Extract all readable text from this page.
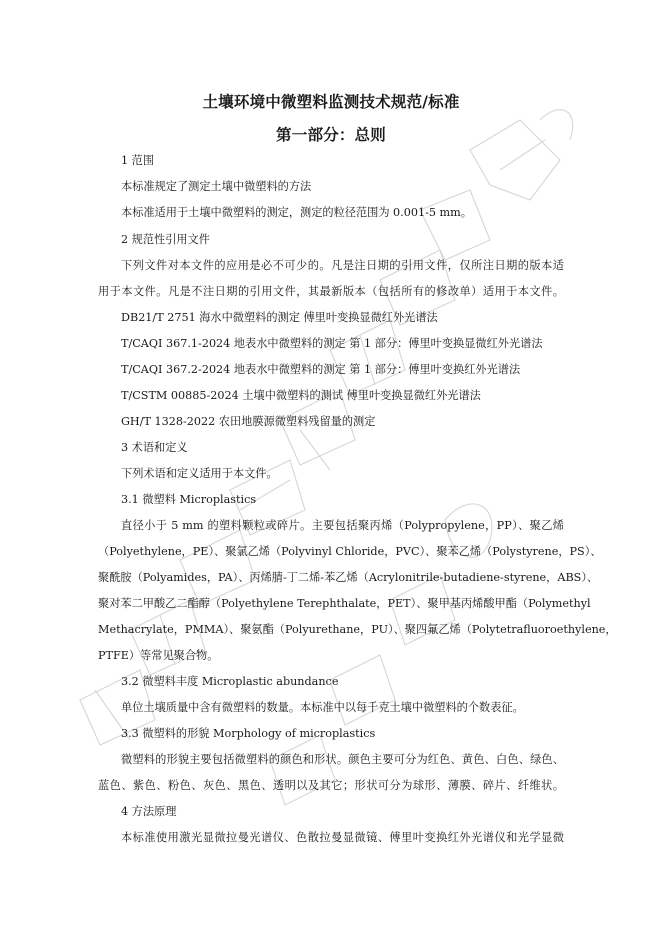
土壤环境中微塑料监测技术规范/标准
第一部分：总则
1 范围
本标准规定了测定土壤中微塑料的方法
本标准适用于土壤中微塑料的测定，测定的粒径范围为 0.001-5 mm。
2 规范性引用文件
下列文件对本文件的应用是必不可少的。凡是注日期的引用文件，仅所注日期的版本适
用于本文件。凡是不注日期的引用文件，其最新版本（包括所有的修改单）适用于本文件。
DB21/T 2751 海水中微塑料的测定 傅里叶变换显微红外光谱法
T/CAQI 367.1-2024 地表水中微塑料的测定 第 1 部分：傅里叶变换显微红外光谱法
T/CAQI 367.2-2024 地表水中微塑料的测定 第 1 部分：傅里叶变换红外光谱法
T/CSTM 00885-2024 土壤中微塑料的测试 傅里叶变换显微红外光谱法
GH/T 1328-2022 农田地膜源微塑料残留量的测定
3 术语和定义
下列术语和定义适用于本文件。
3.1 微塑料 Microplastics
直径小于 5 mm 的塑料颗粒或碎片。主要包括聚丙烯（Polypropylene，PP）、聚乙烯
（Polyethylene，PE）、聚氯乙烯（Polyvinyl Chloride，PVC）、聚苯乙烯（Polystyrene，PS）、
聚酰胺（Polyamides，PA）、丙烯腈-丁二烯-苯乙烯（Acrylonitrile-butadiene-styrene，ABS）、
聚对苯二甲酸乙二酯醇（Polyethylene Terephthalate，PET）、聚甲基丙烯酸甲酯（Polymethyl
Methacrylate，PMMA）、聚氨酯（Polyurethane，PU）、聚四氟乙烯（Polytetrafluoroethylene，
PTFE）等常见聚合物。
3.2 微塑料丰度 Microplastic abundance
单位土壤质量中含有微塑料的数量。本标准中以每千克土壤中微塑料的个数表征。
3.3 微塑料的形貌 Morphology of microplastics
微塑料的形貌主要包括微塑料的颜色和形状。颜色主要可分为红色、黄色、白色、绿色、
蓝色、紫色、粉色、灰色、黑色、透明以及其它；形状可分为球形、薄膜、碎片、纤维状。
4 方法原理
本标准使用激光显微拉曼光谱仪、色散拉曼显微镜、傅里叶变换红外光谱仪和光学显微
